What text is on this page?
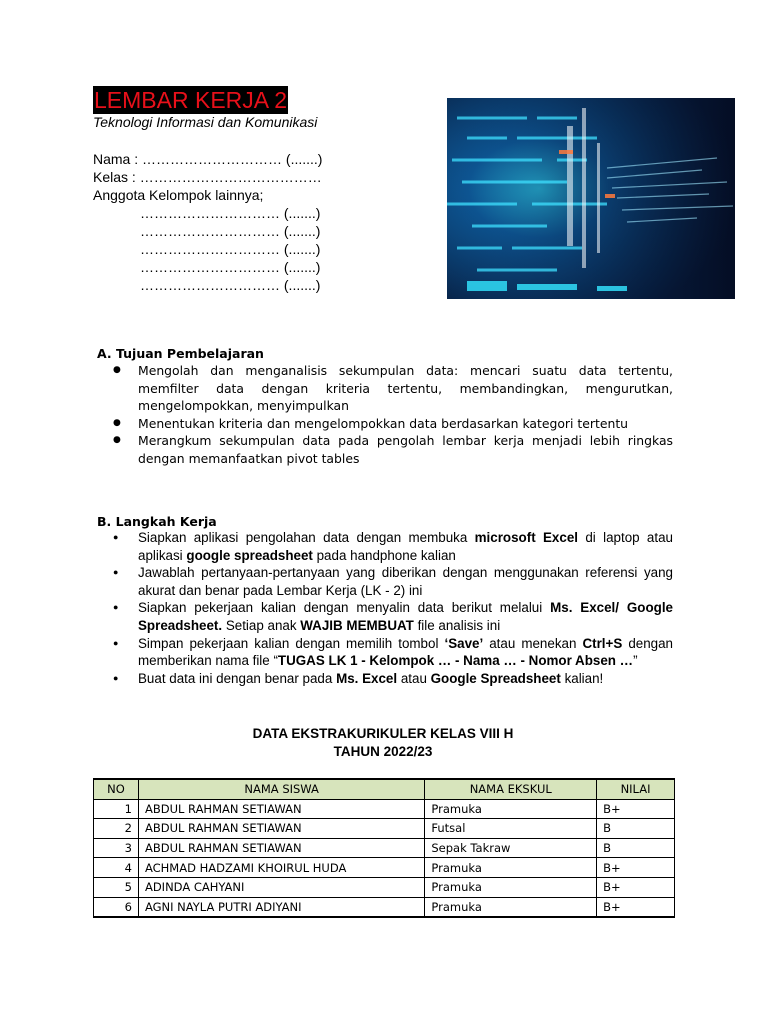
LEMBAR KERJA 2
Teknologi Informasi dan Komunikasi
Nama : ………………………… (.......)
Kelas : …………………………………
Anggota Kelompok lainnya;
………………………… (.......)
………………………… (.......)
………………………… (.......)
………………………… (.......)
………………………… (.......)
A. Tujuan Pembelajaran
● Mengolah dan menganalisis sekumpulan data: mencari suatu data tertentu, memfilter data dengan kriteria tertentu, membandingkan, mengurutkan, mengelompokkan, menyimpulkan
● Menentukan kriteria dan mengelompokkan data berdasarkan kategori tertentu
● Merangkum sekumpulan data pada pengolah lembar kerja menjadi lebih ringkas dengan memanfaatkan pivot tables
B. Langkah Kerja
● Siapkan aplikasi pengolahan data dengan membuka microsoft Excel di laptop atau aplikasi google spreadsheet pada handphone kalian
● Jawablah pertanyaan-pertanyaan yang diberikan dengan menggunakan referensi yang akurat dan benar pada Lembar Kerja (LK - 2) ini
● Siapkan pekerjaan kalian dengan menyalin data berikut melalui Ms. Excel/ Google Spreadsheet. Setiap anak WAJIB MEMBUAT file analisis ini
● Simpan pekerjaan kalian dengan memilih tombol ‘Save’ atau menekan Ctrl+S dengan memberikan nama file “TUGAS LK 1 - Kelompok … - Nama … - Nomor Absen …”
● Buat data ini dengan benar pada Ms. Excel atau Google Spreadsheet kalian!
DATA EKSTRAKURIKULER KELAS VIII H
TAHUN 2022/23
NO	NAMA SISWA	NAMA EKSKUL	NILAI
1	ABDUL RAHMAN SETIAWAN	Pramuka	B+
2	ABDUL RAHMAN SETIAWAN	Futsal	B
3	ABDUL RAHMAN SETIAWAN	Sepak Takraw	B
4	ACHMAD HADZAMI KHOIRUL HUDA	Pramuka	B+
5	ADINDA CAHYANI	Pramuka	B+
6	AGNI NAYLA PUTRI ADIYANI	Pramuka	B+
